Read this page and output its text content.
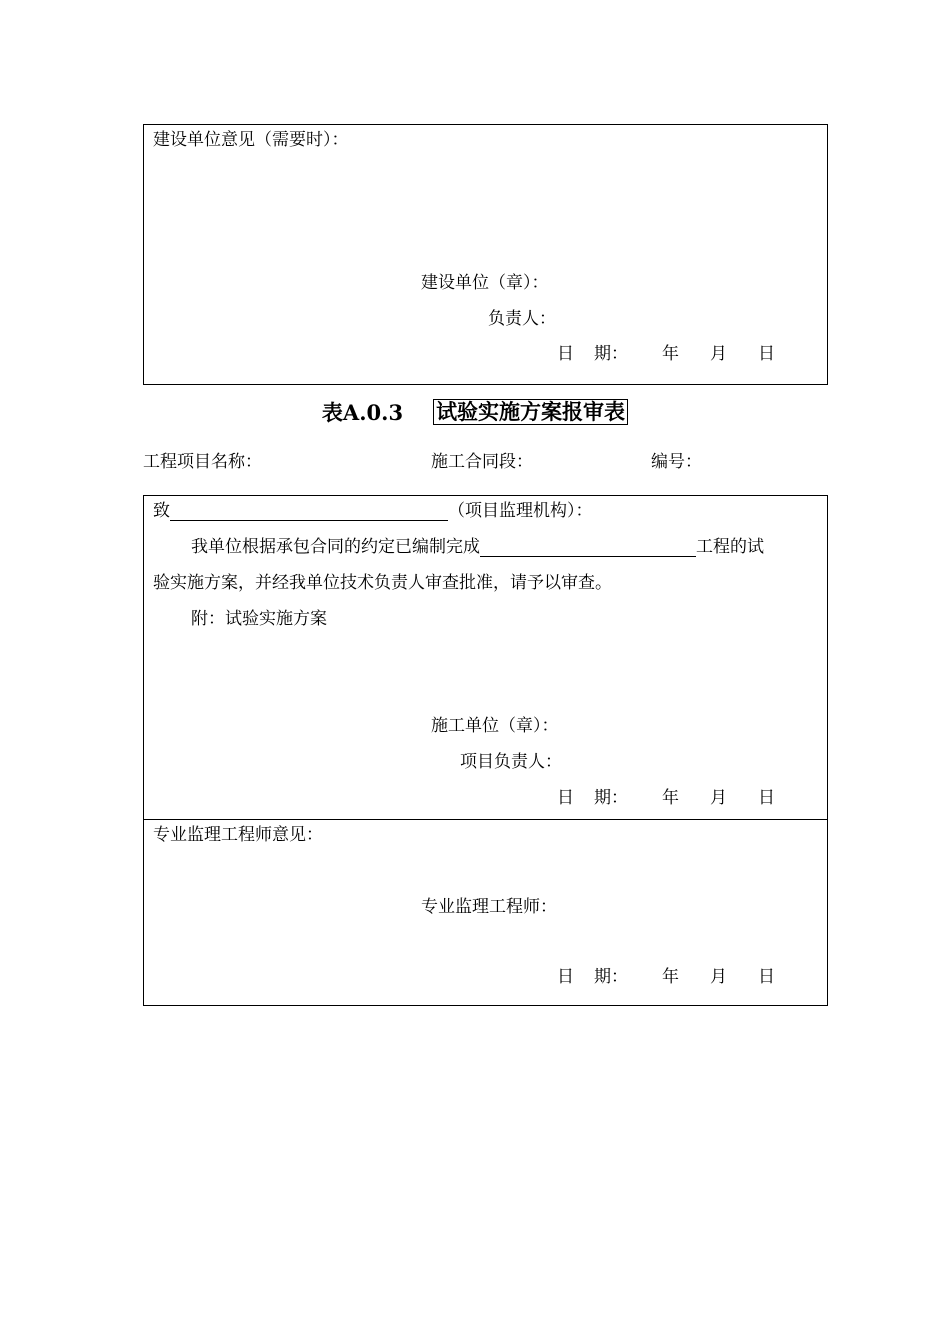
建设单位意见（需要时）：
建设单位（章）：
负责人：
日 期： 年 月 日
表A.0.3 试验实施方案报审表
工程项目名称：	施工合同段：	编号：
致	（项目监理机构）：
我单位根据承包合同的约定已编制完成	工程的试
验实施方案，并经我单位技术负责人审查批准，请予以审查。
附：试验实施方案
施工单位（章）：
项目负责人：
日 期： 年 月 日
专业监理工程师意见：
专业监理工程师：
日 期： 年 月 日
